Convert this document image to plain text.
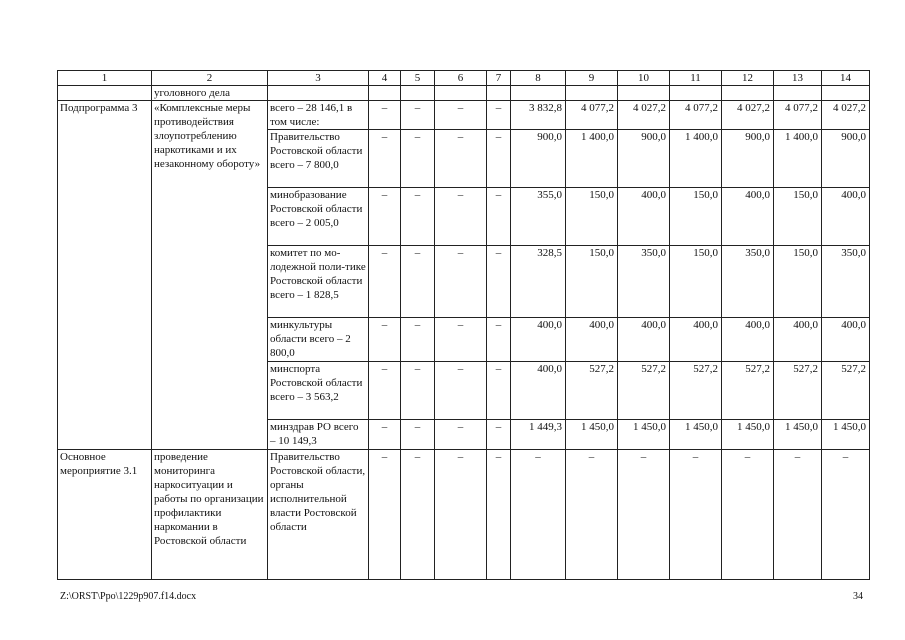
1	2	3	4	5	6	7	8	9	10	11	12	13	14
	уголовного дела												
Подпрограмма 3	«Комплексные меры противодействия злоупотреблению наркотиками и их незаконному обороту»	всего – 28 146,1 в том числе:	–	–	–	–	3 832,8	4 077,2	4 027,2	4 077,2	4 027,2	4 077,2	4 027,2
		Правительство Ростовской области всего – 7 800,0	–	–	–	–	900,0	1 400,0	900,0	1 400,0	900,0	1 400,0	900,0
		минобразование Ростовской области всего – 2 005,0	–	–	–	–	355,0	150,0	400,0	150,0	400,0	150,0	400,0
		комитет по мо-лодежной поли-тике Ростовской области всего – 1 828,5	–	–	–	–	328,5	150,0	350,0	150,0	350,0	150,0	350,0
		минкультуры области всего – 2 800,0	–	–	–	–	400,0	400,0	400,0	400,0	400,0	400,0	400,0
		минспорта Ростовской области всего – 3 563,2	–	–	–	–	400,0	527,2	527,2	527,2	527,2	527,2	527,2
		минздрав РО всего – 10 149,3	–	–	–	–	1 449,3	1 450,0	1 450,0	1 450,0	1 450,0	1 450,0	1 450,0
Основное мероприятие 3.1	проведение мониторинга наркоситуации и работы по организации профилактики наркомании в Ростовской области	Правительство Ростовской области, органы исполнительной власти Ростовской области	–	–	–	–	–	–	–	–	–	–	–
Z:\ORST\Ppo\1229p907.f14.docx	34
